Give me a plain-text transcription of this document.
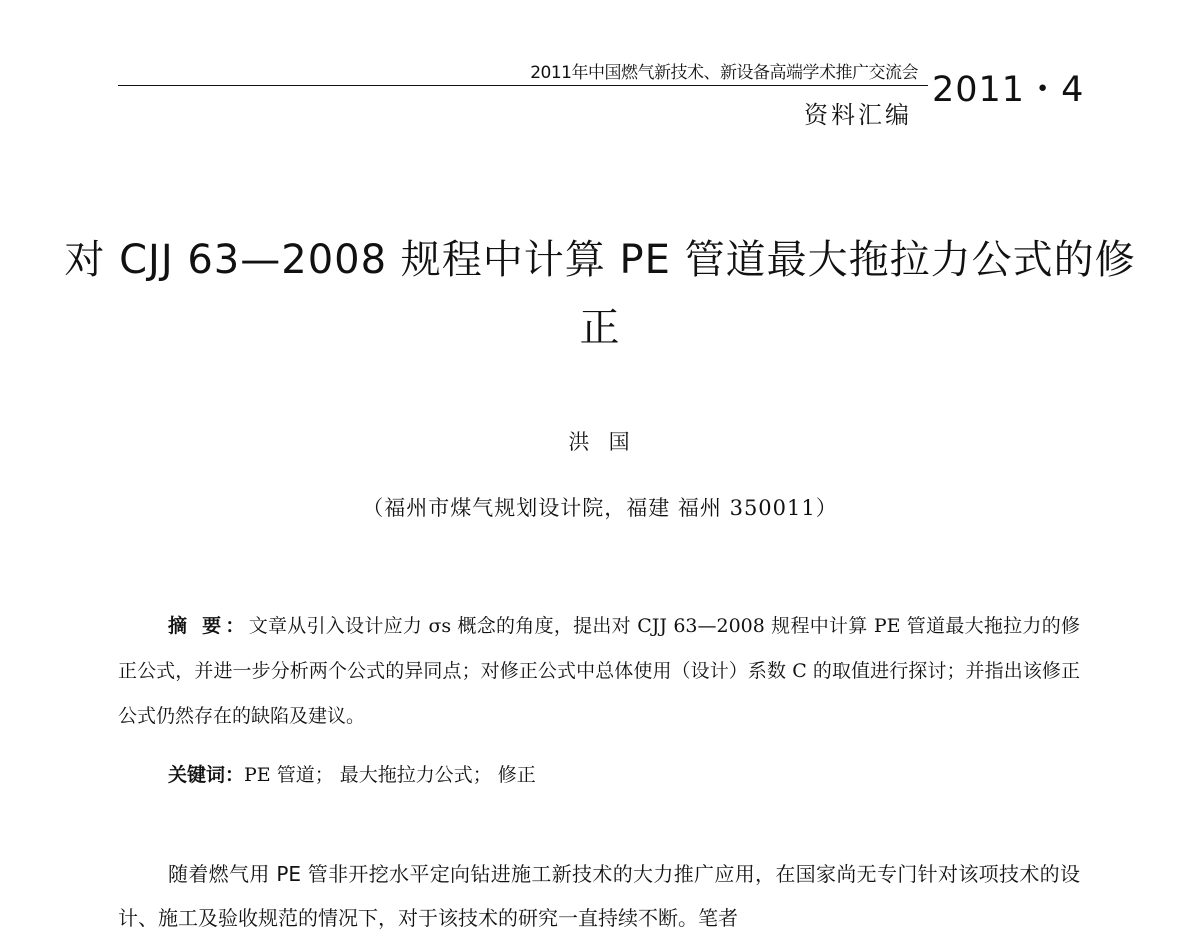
2011年中国燃气新技术、新设备高端学术推广交流会 2011・4
资料汇编
对 CJJ 63—2008 规程中计算 PE 管道最大拖拉力公式的修正
洪  国
（福州市煤气规划设计院，福建 福州 350011）

摘 要：文章从引入设计应力 σs 概念的角度，提出对 CJJ 63—2008 规程中计算 PE 管道最大拖拉力的修正公式，并进一步分析两个公式的异同点；对修正公式中总体使用（设计）系数 C 的取值进行探讨；并指出该修正公式仍然存在的缺陷及建议。

关键词：PE 管道； 最大拖拉力公式； 修正

随着燃气用 PE 管非开挖水平定向钻进施工新技术的大力推广应用，在国家尚无专门针对该项技术的设计、施工及验收规范的情况下，对于该技术的研究一直持续不断。笔者
